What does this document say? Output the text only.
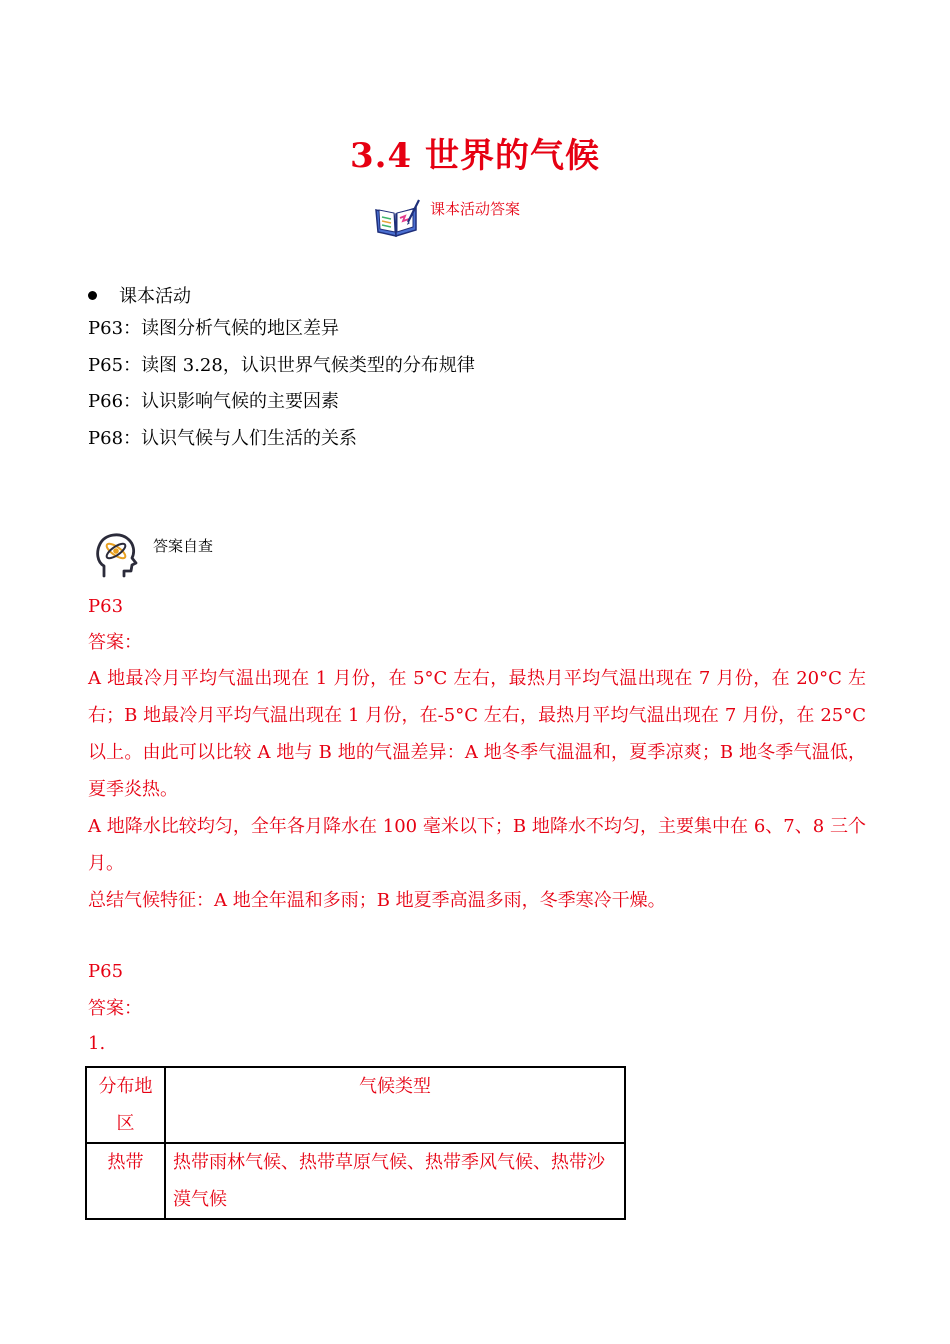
3.4 世界的气候
课本活动答案
课本活动
P63：读图分析气候的地区差异
P65：读图 3.28，认识世界气候类型的分布规律
P66：认识影响气候的主要因素
P68：认识气候与人们生活的关系
答案自查
P63
答案：
A 地最冷月平均气温出现在 1 月份，在 5°C 左右，最热月平均气温出现在 7 月份，在 20°C 左右；B 地最冷月平均气温出现在 1 月份，在-5°C 左右，最热月平均气温出现在 7 月份，在 25°C 以上。由此可以比较 A 地与 B 地的气温差异：A 地冬季气温温和，夏季凉爽；B 地冬季气温低，夏季炎热。
A 地降水比较均匀，全年各月降水在 100 毫米以下；B 地降水不均匀，主要集中在 6、7、8 三个月。
总结气候特征：A 地全年温和多雨；B 地夏季高温多雨，冬季寒冷干燥。
P65
答案：
1.
分布地区	气候类型
热带	热带雨林气候、热带草原气候、热带季风气候、热带沙漠气候
